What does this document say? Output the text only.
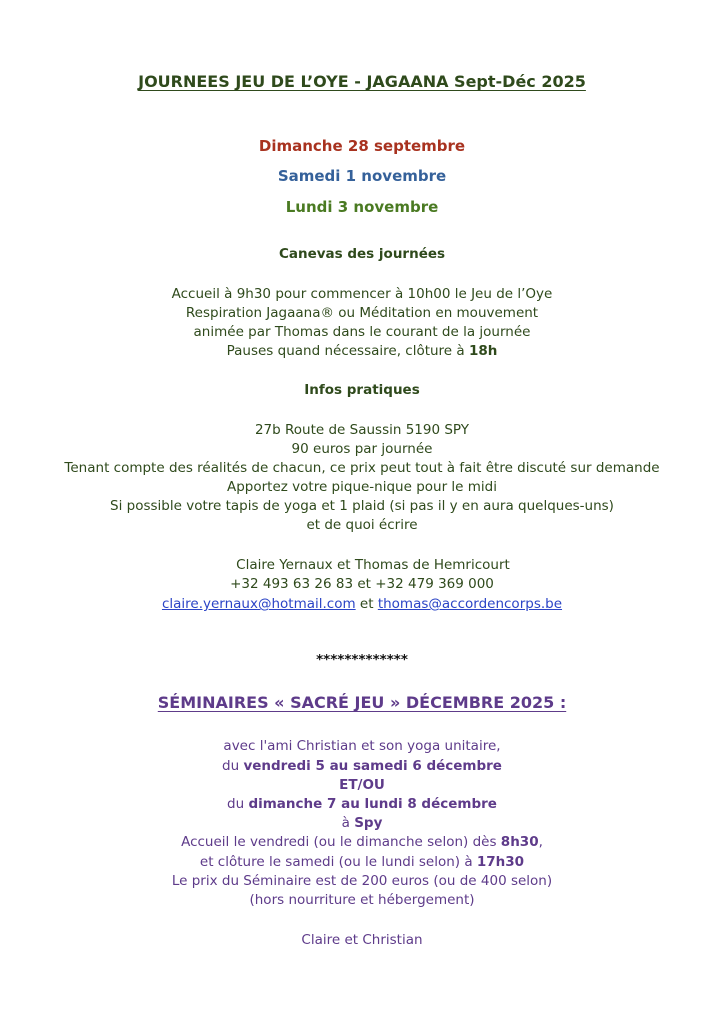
JOURNEES JEU DE L’OYE - JAGAANA Sept-Déc 2025
Dimanche 28 septembre
Samedi 1 novembre
Lundi 3 novembre
Canevas des journées
Accueil à 9h30 pour commencer à 10h00 le Jeu de l’Oye
Respiration Jagaana® ou Méditation en mouvement
animée par Thomas dans le courant de la journée
Pauses quand nécessaire, clôture à 18h
Infos pratiques
27b Route de Saussin 5190 SPY
90 euros par journée
Tenant compte des réalités de chacun, ce prix peut tout à fait être discuté sur demande
Apportez votre pique-nique pour le midi
Si possible votre tapis de yoga et 1 plaid (si pas il y en aura quelques-uns)
et de quoi écrire
Claire Yernaux et Thomas de Hemricourt
+32 493 63 26 83 et +32 479 369 000
claire.yernaux@hotmail.com et thomas@accordencorps.be
*************
SÉMINAIRES « SACRÉ JEU » DÉCEMBRE 2025 :
avec l'ami Christian et son yoga unitaire,
du vendredi 5 au samedi 6 décembre
ET/OU
du dimanche 7 au lundi 8 décembre
à Spy
Accueil le vendredi (ou le dimanche selon) dès 8h30,
et clôture le samedi (ou le lundi selon) à 17h30
Le prix du Séminaire est de 200 euros (ou de 400 selon)
(hors nourriture et hébergement)
Claire et Christian
